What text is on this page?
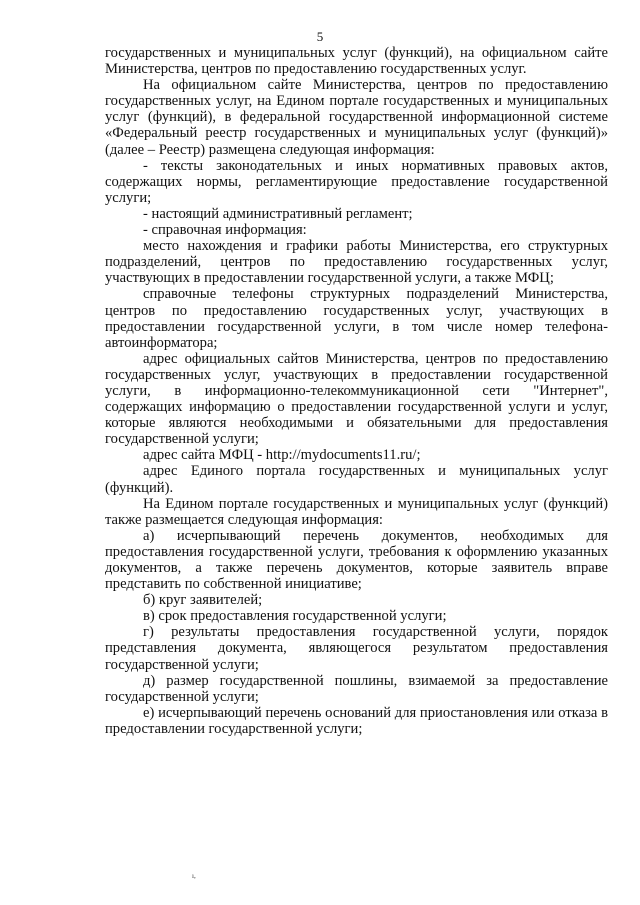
5

государственных и муниципальных услуг (функций), на официальном сайте Министерства, центров по предоставлению государственных услуг.

На официальном сайте Министерства, центров по предоставлению государственных услуг, на Едином портале государственных и муниципальных услуг (функций), в федеральной государственной информационной системе «Федеральный реестр государственных и муниципальных услуг (функций)» (далее – Реестр) размещена следующая информация:

- тексты законодательных и иных нормативных правовых актов, содержащих нормы, регламентирующие предоставление государственной услуги;

- настоящий административный регламент;

- справочная информация:

место нахождения и графики работы Министерства, его структурных подразделений, центров по предоставлению государственных услуг, участвующих в предоставлении государственной услуги, а также МФЦ;

справочные телефоны структурных подразделений Министерства, центров по предоставлению государственных услуг, участвующих в предоставлении государственной услуги, в том числе номер телефона-автоинформатора;

адрес официальных сайтов Министерства, центров по предоставлению государственных услуг, участвующих в предоставлении государственной услуги, в информационно-телекоммуникационной сети "Интернет", содержащих информацию о предоставлении государственной услуги и услуг, которые являются необходимыми и обязательными для предоставления государственной услуги;

адрес сайта МФЦ - http://mydocuments11.ru/;

адрес Единого портала государственных и муниципальных услуг (функций).

На Едином портале государственных и муниципальных услуг (функций) также размещается следующая информация:

а) исчерпывающий перечень документов, необходимых для предоставления государственной услуги, требования к оформлению указанных документов, а также перечень документов, которые заявитель вправе представить по собственной инициативе;

б) круг заявителей;

в) срок предоставления государственной услуги;

г) результаты предоставления государственной услуги, порядок представления документа, являющегося результатом предоставления государственной услуги;

д) размер государственной пошлины, взимаемой за предоставление государственной услуги;

е) исчерпывающий перечень оснований для приостановления или отказа в предоставлении государственной услуги;

ı,
